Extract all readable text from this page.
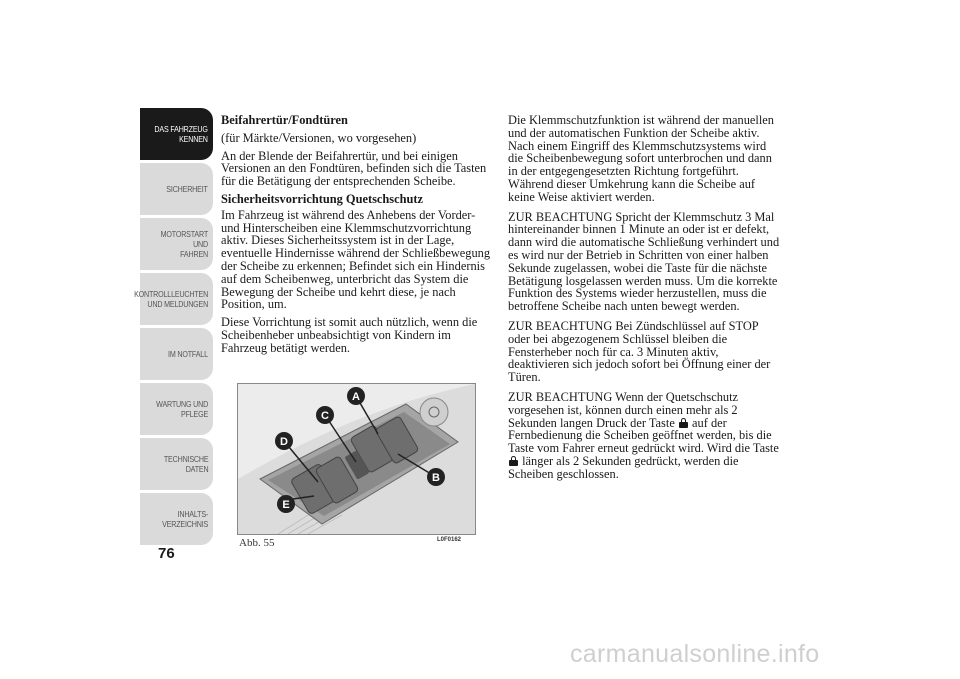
DAS FAHRZEUG
KENNEN
SICHERHEIT
MOTORSTART UND
FAHREN
KONTROLLLEUCHTEN
UND MELDUNGEN
IM NOTFALL
WARTUNG UND
PFLEGE
TECHNISCHE
DATEN
INHALTS-
VERZEICHNIS
76

Beifahrertür/Fondtüren

(für Märkte/Versionen, wo vorgesehen)

An der Blende der Beifahrertür, und bei einigen Versionen an den Fondtüren, befinden sich die Tasten für die Betätigung der entsprechenden Scheibe.

Sicherheitsvorrichtung Quetschschutz

Im Fahrzeug ist während des Anhebens der Vorder- und Hinterscheiben eine Klemmschutzvorrichtung aktiv. Dieses Sicherheitssystem ist in der Lage, eventuelle Hindernisse während der Schließbewegung der Scheibe zu erkennen; Befindet sich ein Hindernis auf dem Scheibenweg, unterbricht das System die Bewegung der Scheibe und kehrt diese, je nach Position, um.

Diese Vorrichtung ist somit auch nützlich, wenn die Scheibenheber unbeabsichtigt von Kindern im Fahrzeug betätigt werden.

A
B
C
D
E
Abb. 55	L0F0162

Die Klemmschutzfunktion ist während der manuellen und der automatischen Funktion der Scheibe aktiv. Nach einem Eingriff des Klemmschutzsystems wird die Scheibenbewegung sofort unterbrochen und dann in der entgegengesetzten Richtung fortgeführt. Während dieser Umkehrung kann die Scheibe auf keine Weise aktiviert werden.

ZUR BEACHTUNG Spricht der Klemmschutz 3 Mal hintereinander binnen 1 Minute an oder ist er defekt, dann wird die automatische Schließung verhindert und es wird nur der Betrieb in Schritten von einer halben Sekunde zugelassen, wobei die Taste für die nächste Betätigung losgelassen werden muss. Um die korrekte Funktion des Systems wieder herzustellen, muss die betroffene Scheibe nach unten bewegt werden.

ZUR BEACHTUNG Bei Zündschlüssel auf STOP oder bei abgezogenem Schlüssel bleiben die Fensterheber noch für ca. 3 Minuten aktiv, deaktivieren sich jedoch sofort bei Öffnung einer der Türen.

ZUR BEACHTUNG Wenn der Quetschschutz vorgesehen ist, können durch einen mehr als 2 Sekunden langen Druck der Taste auf der Fernbedienung die Scheiben geöffnet werden, bis die Taste vom Fahrer erneut gedrückt wird. Wird die Taste  länger als 2 Sekunden gedrückt, werden die Scheiben geschlossen.

carmanualsonline.info
